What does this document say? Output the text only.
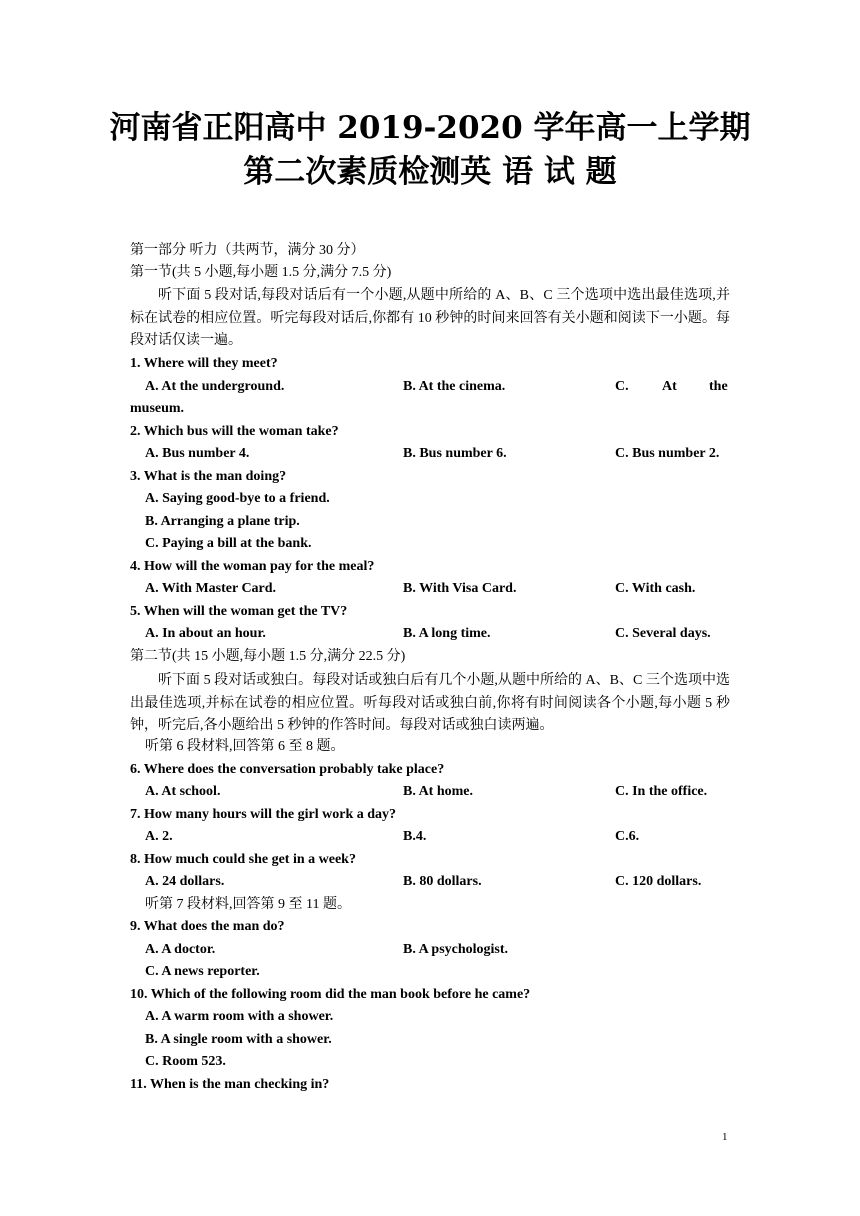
河南省正阳高中 2019-2020 学年高一上学期
第二次素质检测英 语 试 题
第一部分 听力（共两节，满分 30 分）
第一节(共 5 小题,每小题 1.5 分,满分 7.5 分)
听下面 5 段对话,每段对话后有一个小题,从题中所给的 A、B、C 三个选项中选出最佳选项,并标在试卷的相应位置。听完每段对话后,你都有 10 秒钟的时间来回答有关小题和阅读下一小题。每段对话仅读一遍。
1. Where will they meet?
A. At the underground.	B. At the cinema.	C. At the
museum.
2. Which bus will the woman take?
A. Bus number 4.	B. Bus number 6.	C. Bus number 2.
3. What is the man doing?
A. Saying good-bye to a friend.
B. Arranging a plane trip.
C. Paying a bill at the bank.
4. How will the woman pay for the meal?
A. With Master Card.	B. With Visa Card.	C. With cash.
5. When will the woman get the TV?
A. In about an hour.	B. A long time.	C. Several days.
第二节(共 15 小题,每小题 1.5 分,满分 22.5 分)
听下面 5 段对话或独白。每段对话或独白后有几个小题,从题中所给的 A、B、C 三个选项中选出最佳选项,并标在试卷的相应位置。听每段对话或独白前,你将有时间阅读各个小题,每小题 5 秒钟，听完后,各小题给出 5 秒钟的作答时间。每段对话或独白读两遍。
听第 6 段材料,回答第 6 至 8 题。
6. Where does the conversation probably take place?
A. At school.	B. At home.	C. In the office.
7. How many hours will the girl work a day?
A. 2.	B.4.	C.6.
8. How much could she get in a week?
A. 24 dollars.	B. 80 dollars.	C. 120 dollars.
听第 7 段材料,回答第 9 至 11 题。
9. What does the man do?
A. A doctor.	B. A psychologist.
C. A news reporter.
10. Which of the following room did the man book before he came?
A. A warm room with a shower.
B. A single room with a shower.
C. Room 523.
11. When is the man checking in?
1
